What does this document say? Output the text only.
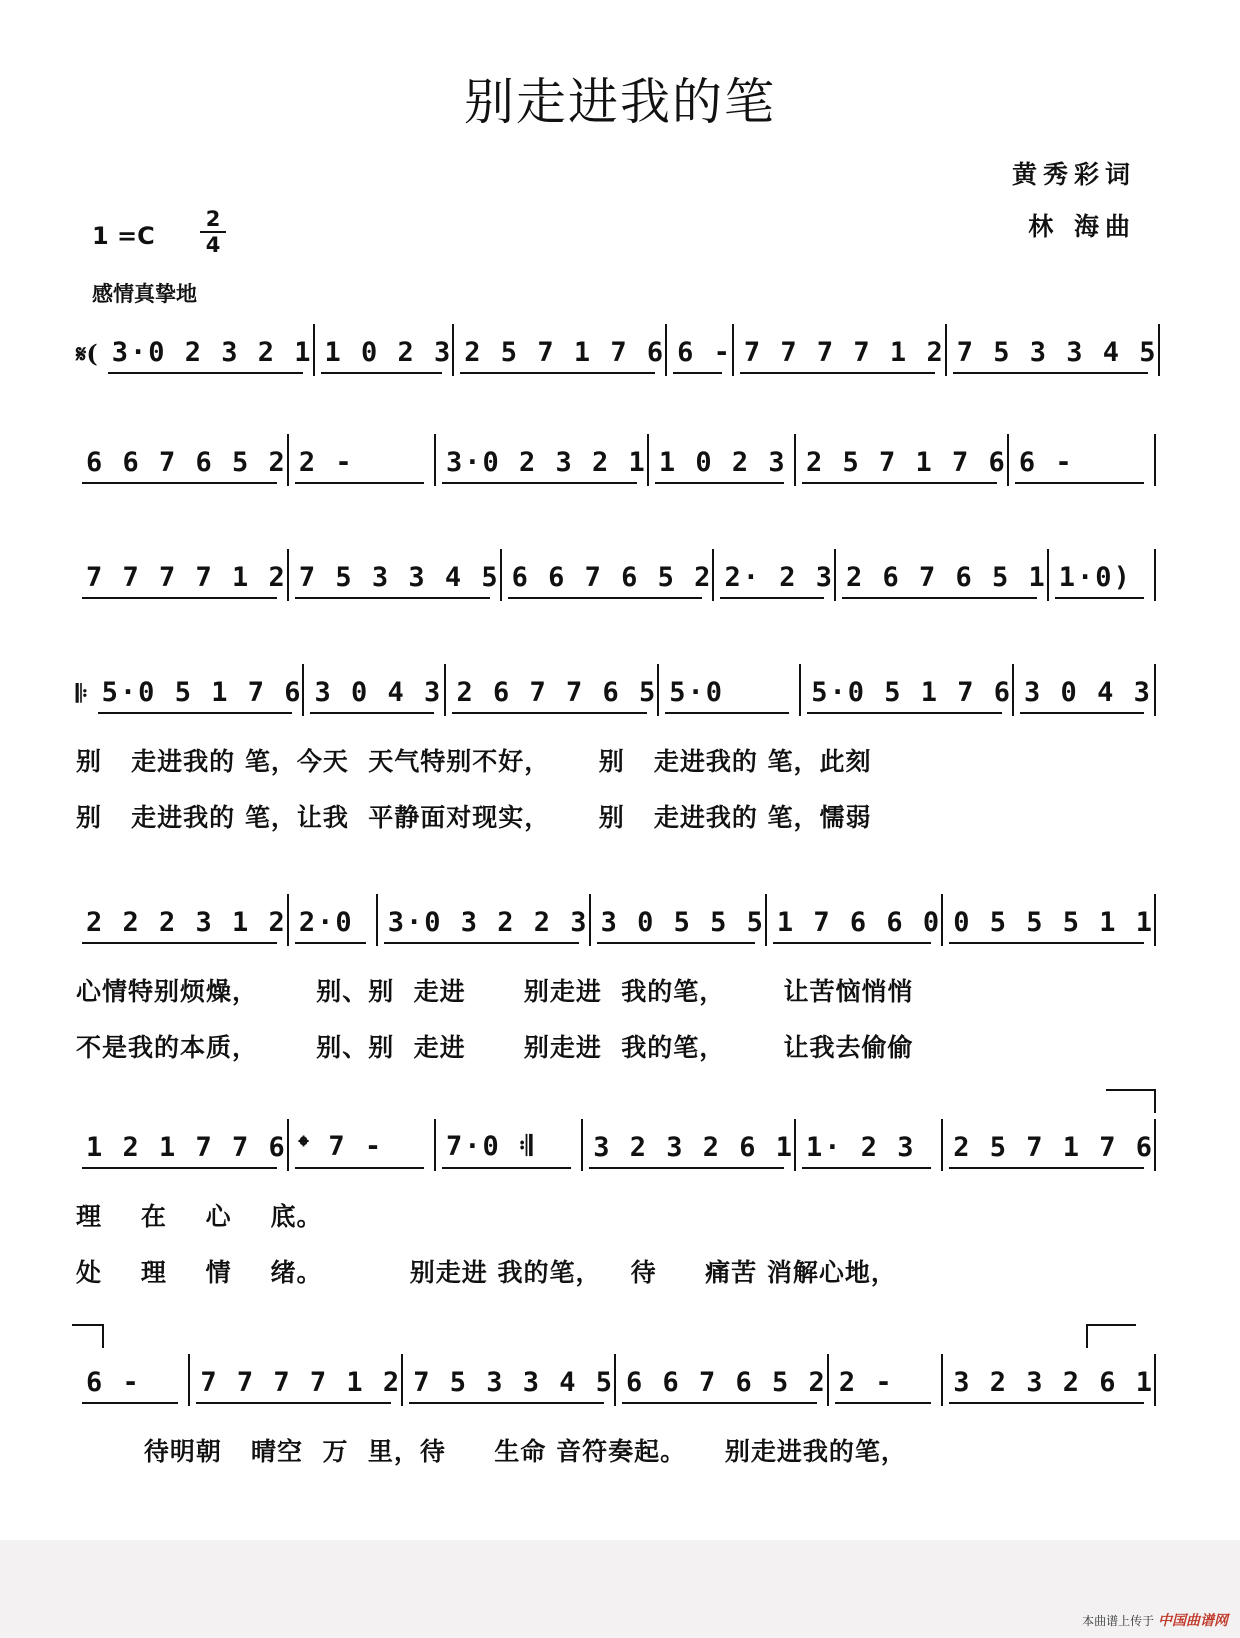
别走进我的笔
黄秀彩词
林 海曲
1 =C
2
4
感情真挚地
𝄋( 3·0 2 3 2 1 1 0 2 3 2 5 7 1 7 6 6 - 7 7 7 7 1 2 7 5 3 3 4 5
6 6 7 6 5 2 2 -	3·0 2 3 2 1 1 0 2 3 2 5 7 1 7 6 6 -
7 7 7 7 1 2 7 5 3 3 4 5 6 6 7 6 5 2 2· 2 3 2 6 7 6 5 1 1·0)
𝄆 5·0 5 1 7 6 3 0 4 3 2 6 7 7 6 5 5·0	5·0 5 1 7 6 3 0 4 3
别   走进我的 笔，今天  天气特别不好，     别   走进我的 笔，此刻
别   走进我的 笔，让我  平静面对现实，     别   走进我的 笔，懦弱
2 2 2 3 1 2 2·0	3·0 3 2 2 3 3 0 5 5 5 1 7 6 6 0 0 5 5 5 1 1
心情特别烦燥，      别、别  走进      别走进  我的笔，      让苦恼悄悄
不是我的本质，      别、别  走进      别走进  我的笔，      让我去偷偷
1 2 1 7 7 6 𝄌 7 -	7·0 𝄇	3 2 3 2 6 1 1· 2 3	2 5 7 1 7 6
理    在    心    底。
处    理    情    绪。         别走进 我的笔，   待     痛苦 消解心地，
6 -	7 7 7 7 1 2 7 5 3 3 4 5 6 6 7 6 5 2 2 -	3 2 3 2 6 1
待明朝   晴空  万  里，待     生命 音符奏起。    别走进我的笔，
本曲谱上传于 中国曲谱网
